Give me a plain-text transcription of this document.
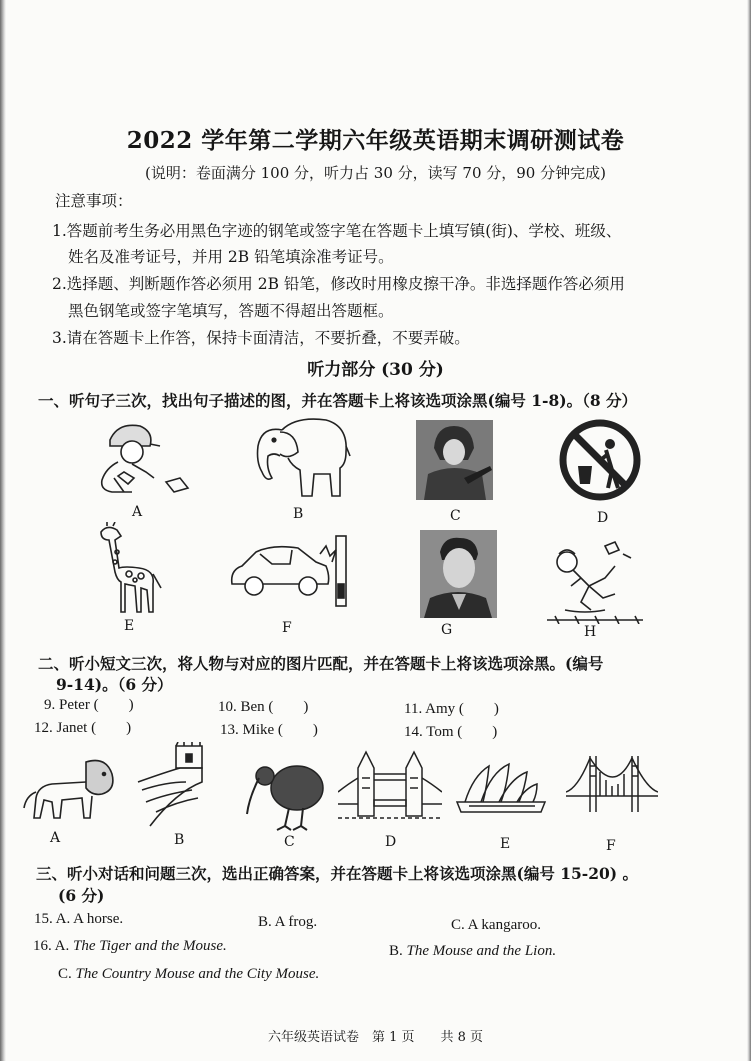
2022 学年第二学期六年级英语期末调研测试卷
(说明：卷面满分 100 分，听力占 30 分，读写 70 分，90 分钟完成)
注意事项：
1.答题前考生务必用黑色字迹的钢笔或签字笔在答题卡上填写镇(街)、学校、班级、
姓名及准考证号，并用 2B 铅笔填涂准考证号。
2.选择题、判断题作答必须用 2B 铅笔，修改时用橡皮擦干净。非选择题作答必须用
黑色钢笔或签字笔填写，答题不得超出答题框。
3.请在答题卡上作答，保持卡面清洁，不要折叠，不要弄破。
听力部分 (30 分)
一、听句子三次，找出句子描述的图，并在答题卡上将该选项涂黑(编号 1-8)。（8 分）
A	B	C	D
E	F	G	H
二、听小短文三次，将人物与对应的图片匹配，并在答题卡上将该选项涂黑。(编号
9-14)。（6 分）
9. Peter (　　)	10. Ben (　　)	11. Amy (　　)
12. Janet (　　)	13. Mike (　　)	14. Tom (　　)
A	B	C	D	E	F
三、听小对话和问题三次，选出正确答案，并在答题卡上将该选项涂黑(编号 15-20) 。
(6 分)
15. A. A horse.	B. A frog.	C. A kangaroo.
16. A. The Tiger and the Mouse.	B. The Mouse and the Lion.
C. The Country Mouse and the City Mouse.
六年级英语试卷　第 1 页　　共 8 页
